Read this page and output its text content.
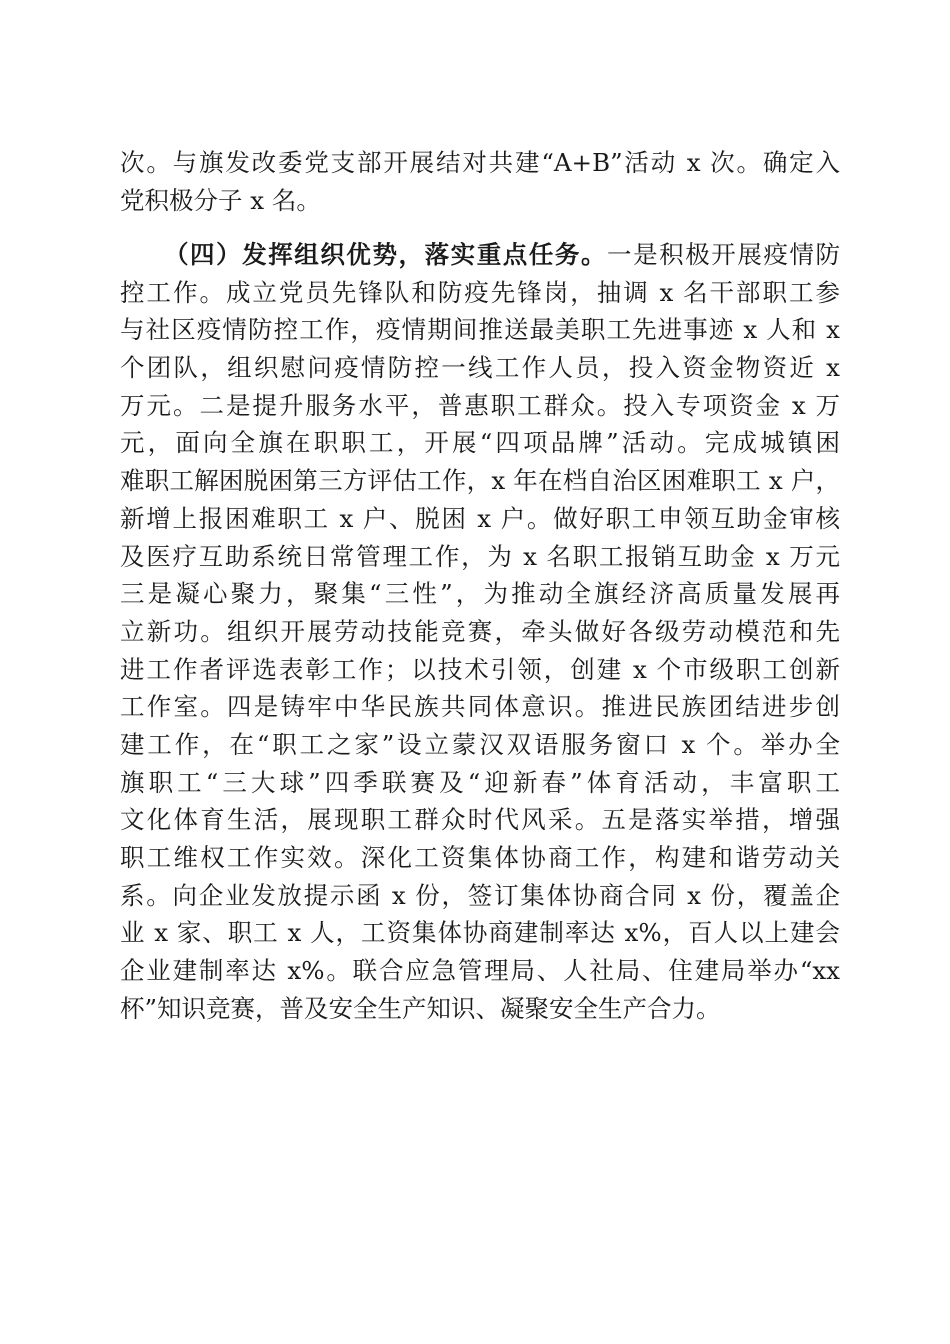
次。与旗发改委党支部开展结对共建“A+B”活动 x 次。确定入
党积极分子 x 名。
（四）发挥组织优势，落实重点任务。一是积极开展疫情防
控工作。成立党员先锋队和防疫先锋岗，抽调 x 名干部职工参
与社区疫情防控工作，疫情期间推送最美职工先进事迹 x 人和 x
个团队，组织慰问疫情防控一线工作人员，投入资金物资近 x
万元。二是提升服务水平，普惠职工群众。投入专项资金 x 万
元，面向全旗在职职工，开展“四项品牌”活动。完成城镇困
难职工解困脱困第三方评估工作，x 年在档自治区困难职工 x 户，
新增上报困难职工 x 户、脱困 x 户。做好职工申领互助金审核
及医疗互助系统日常管理工作，为 x 名职工报销互助金 x 万元
三是凝心聚力，聚集“三性”，为推动全旗经济高质量发展再
立新功。组织开展劳动技能竞赛，牵头做好各级劳动模范和先
进工作者评选表彰工作；以技术引领，创建 x 个市级职工创新
工作室。四是铸牢中华民族共同体意识。推进民族团结进步创
建工作，在“职工之家”设立蒙汉双语服务窗口 x 个。举办全
旗职工“三大球”四季联赛及“迎新春”体育活动，丰富职工
文化体育生活，展现职工群众时代风采。五是落实举措，增强
职工维权工作实效。深化工资集体协商工作，构建和谐劳动关
系。向企业发放提示函 x 份，签订集体协商合同 x 份，覆盖企
业 x 家、职工 x 人，工资集体协商建制率达 x%，百人以上建会
企业建制率达 x%。联合应急管理局、人社局、住建局举办“xx
杯”知识竞赛，普及安全生产知识、凝聚安全生产合力。
